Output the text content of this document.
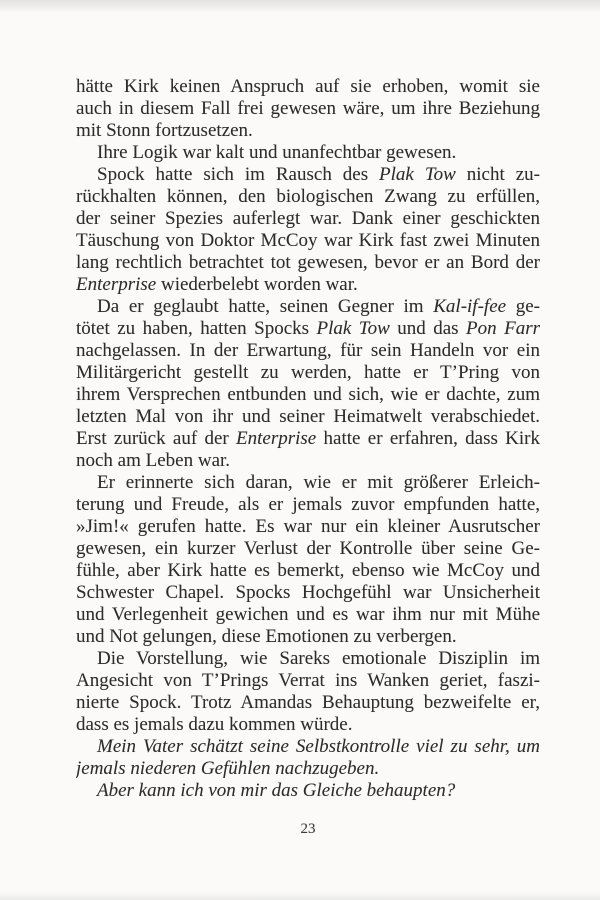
hätte Kirk keinen Anspruch auf sie erhoben, womit sie
auch in diesem Fall frei gewesen wäre, um ihre Beziehung
mit Stonn fortzusetzen.
Ihre Logik war kalt und unanfechtbar gewesen.
Spock hatte sich im Rausch des Plak Tow nicht zu-
rückhalten können, den biologischen Zwang zu erfüllen,
der seiner Spezies auferlegt war. Dank einer geschickten
Täuschung von Doktor McCoy war Kirk fast zwei Minuten
lang rechtlich betrachtet tot gewesen, bevor er an Bord der
Enterprise wiederbelebt worden war.
Da er geglaubt hatte, seinen Gegner im Kal-if-fee ge-
tötet zu haben, hatten Spocks Plak Tow und das Pon Farr
nachgelassen. In der Erwartung, für sein Handeln vor ein
Militärgericht gestellt zu werden, hatte er T’Pring von
ihrem Versprechen entbunden und sich, wie er dachte, zum
letzten Mal von ihr und seiner Heimatwelt verabschiedet.
Erst zurück auf der Enterprise hatte er erfahren, dass Kirk
noch am Leben war.
Er erinnerte sich daran, wie er mit größerer Erleich-
terung und Freude, als er jemals zuvor empfunden hatte,
»Jim!« gerufen hatte. Es war nur ein kleiner Ausrutscher
gewesen, ein kurzer Verlust der Kontrolle über seine Ge-
fühle, aber Kirk hatte es bemerkt, ebenso wie McCoy und
Schwester Chapel. Spocks Hochgefühl war Unsicherheit
und Verlegenheit gewichen und es war ihm nur mit Mühe
und Not gelungen, diese Emotionen zu verbergen.
Die Vorstellung, wie Sareks emotionale Disziplin im
Angesicht von T’Prings Verrat ins Wanken geriet, faszi-
nierte Spock. Trotz Amandas Behauptung bezweifelte er,
dass es jemals dazu kommen würde.
Mein Vater schätzt seine Selbstkontrolle viel zu sehr, um
jemals niederen Gefühlen nachzugeben.
Aber kann ich von mir das Gleiche behaupten?
23
